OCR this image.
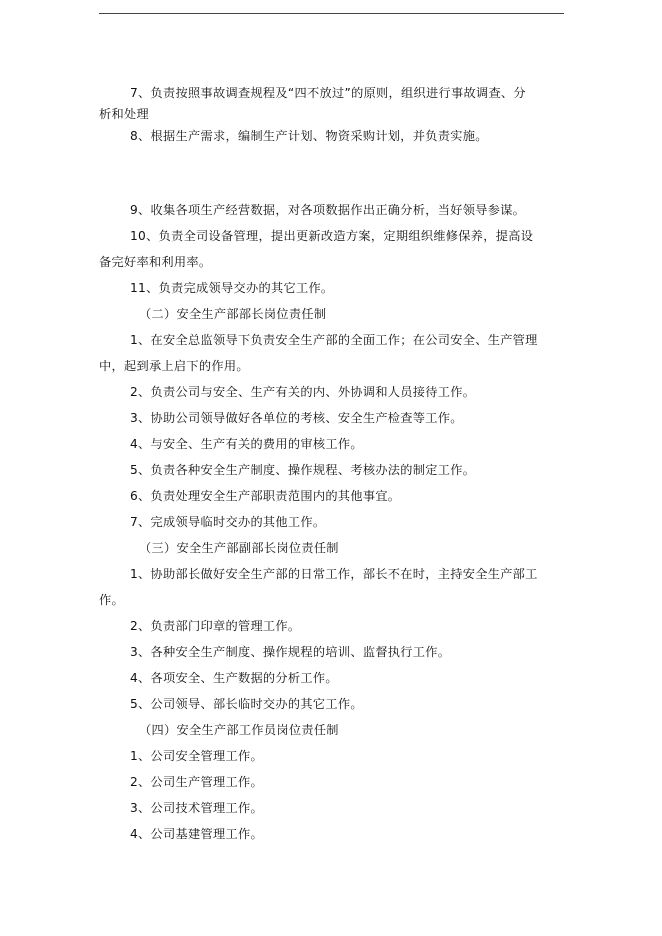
7、负责按照事故调查规程及“四不放过”的原则，组织进行事故调查、分
析和处理
8、根据生产需求，编制生产计划、物资采购计划，并负责实施。
9、收集各项生产经营数据，对各项数据作出正确分析，当好领导参谋。
10、负责全司设备管理，提出更新改造方案，定期组织维修保养，提高设
备完好率和利用率。
11、负责完成领导交办的其它工作。
（二）安全生产部部长岗位责任制
1、在安全总监领导下负责安全生产部的全面工作；在公司安全、生产管理
中，起到承上启下的作用。
2、负责公司与安全、生产有关的内、外协调和人员接待工作。
3、协助公司领导做好各单位的考核、安全生产检查等工作。
4、与安全、生产有关的费用的审核工作。
5、负责各种安全生产制度、操作规程、考核办法的制定工作。
6、负责处理安全生产部职责范围内的其他事宜。
7、完成领导临时交办的其他工作。
（三）安全生产部副部长岗位责任制
1、协助部长做好安全生产部的日常工作，部长不在时，主持安全生产部工
作。
2、负责部门印章的管理工作。
3、各种安全生产制度、操作规程的培训、监督执行工作。
4、各项安全、生产数据的分析工作。
5、公司领导、部长临时交办的其它工作。
（四）安全生产部工作员岗位责任制
1、公司安全管理工作。
2、公司生产管理工作。
3、公司技术管理工作。
4、公司基建管理工作。
